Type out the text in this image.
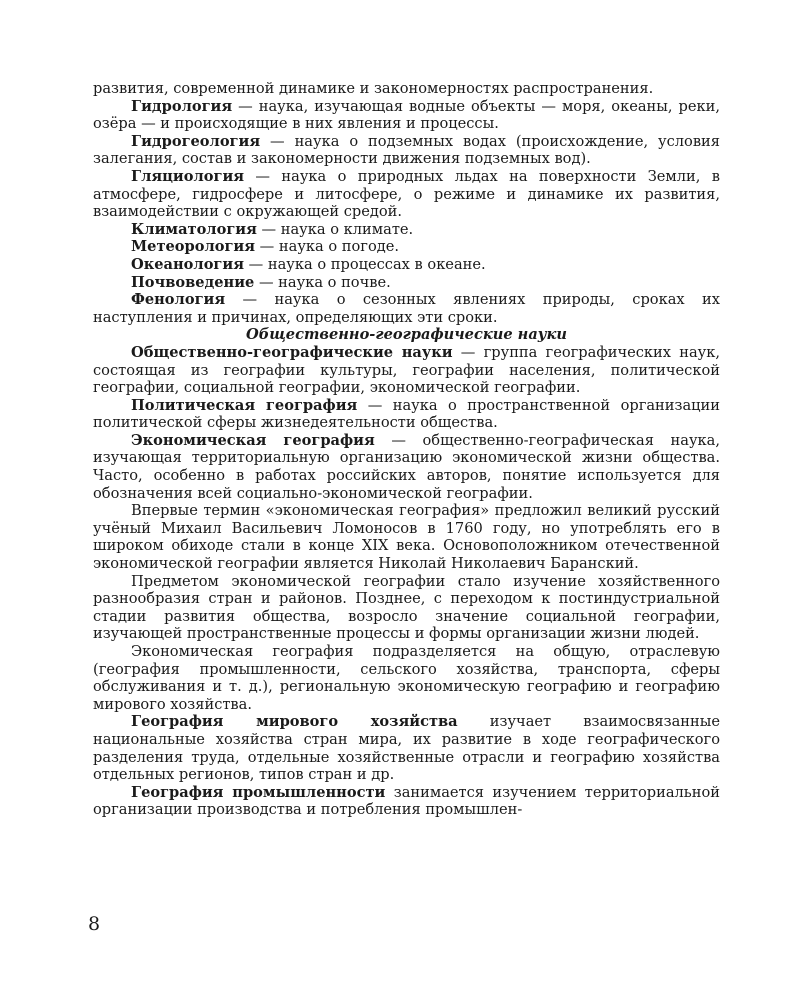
развития, современной динамике и закономерностях распространения.

Гидрология — наука, изучающая водные объекты — моря, океаны, реки, озёра — и происходящие в них явления и процессы.

Гидрогеология — наука о подземных водах (происхождение, условия залегания, состав и закономерности движения подземных вод).

Гляциология — наука о природных льдах на поверхности Земли, в атмосфере, гидросфере и литосфере, о режиме и динамике их развития, взаимодействии с окружающей средой.

Климатология — наука о климате.

Метеорология — наука о погоде.

Океанология — наука о процессах в океане.

Почвоведение — наука о почве.

Фенология — наука о сезонных явлениях природы, сроках их наступления и причинах, определяющих эти сроки.

Общественно-географические науки

Общественно-географические науки — группа географических наук, состоящая из географии культуры, географии населения, политической географии, социальной географии, экономической географии.

Политическая география — наука о пространственной организации политической сферы жизнедеятельности общества.

Экономическая география — общественно-географическая наука, изучающая территориальную организацию экономической жизни общества. Часто, особенно в работах российских авторов, понятие используется для обозначения всей социально-экономической географии.

Впервые термин «экономическая география» предложил великий русский учёный Михаил Васильевич Ломоносов в 1760 году, но употреблять его в широком обиходе стали в конце XIX века. Основоположником отечественной экономической географии является Николай Николаевич Баранский.

Предметом экономической географии стало изучение хозяйственного разнообразия стран и районов. Позднее, с переходом к постиндустриальной стадии развития общества, возросло значение социальной географии, изучающей пространственные процессы и формы организации жизни людей.

Экономическая география подразделяется на общую, отраслевую (география промышленности, сельского хозяйства, транспорта, сферы обслуживания и т. д.), региональную экономическую географию и географию мирового хозяйства.

География мирового хозяйства изучает взаимосвязанные национальные хозяйства стран мира, их развитие в ходе географического разделения труда, отдельные хозяйственные отрасли и географию хозяйства отдельных регионов, типов стран и др.

География промышленности занимается изучением территориальной организации производства и потребления промышлен-

8
